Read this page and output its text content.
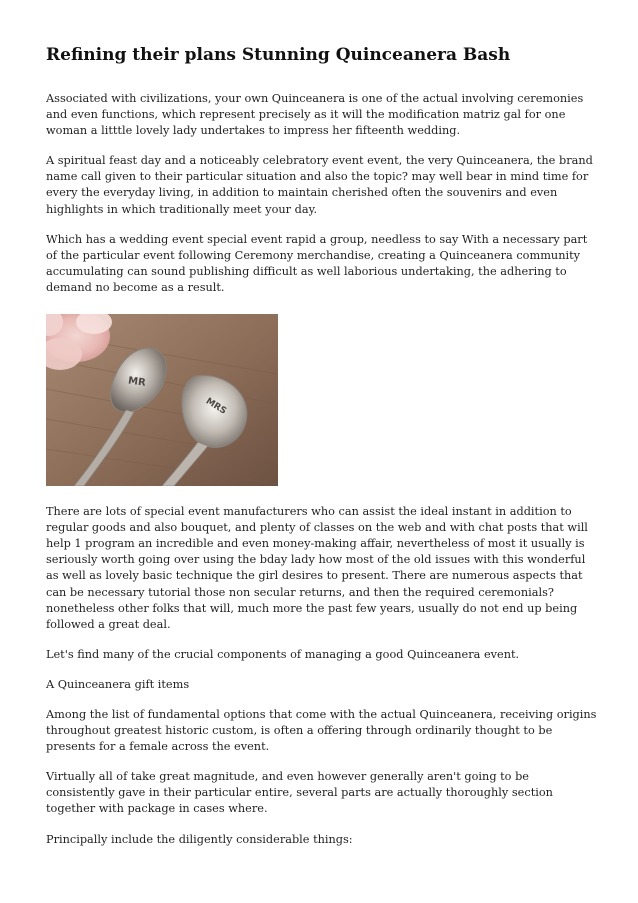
Refining their plans Stunning Quinceanera Bash

Associated with civilizations, your own Quinceanera is one of the actual involving ceremonies and even functions, which represent precisely as it will the modification matriz gal for one woman a litttle lovely lady undertakes to impress her fifteenth wedding.

A spiritual feast day and a noticeably celebratory event event, the very Quinceanera, the brand name call given to their particular situation and also the topic? may well bear in mind time for every the everyday living, in addition to maintain cherished often the souvenirs and even highlights in which traditionally meet your day.

Which has a wedding event special event rapid a group, needless to say With a necessary part of the particular event following Ceremony merchandise, creating a Quinceanera community accumulating can sound publishing difficult as well laborious undertaking, the adhering to demand no become as a result.

MR
MRS

There are lots of special event manufacturers who can assist the ideal instant in addition to regular goods and also bouquet, and plenty of classes on the web and with chat posts that will help 1 program an incredible and even money-making affair, nevertheless of most it usually is seriously worth going over using the bday lady how most of the old issues with this wonderful as well as lovely basic technique the girl desires to present. There are numerous aspects that can be necessary tutorial those non secular returns, and then the required ceremonials? nonetheless other folks that will, much more the past few years, usually do not end up being followed a great deal.

Let's find many of the crucial components of managing a good Quinceanera event.

A Quinceanera gift items

Among the list of fundamental options that come with the actual Quinceanera, receiving origins throughout greatest historic custom, is often a offering through ordinarily thought to be presents for a female across the event.

Virtually all of take great magnitude, and even however generally aren't going to be consistently gave in their particular entire, several parts are actually thoroughly section together with package in cases where.

Principally include the diligently considerable things:
